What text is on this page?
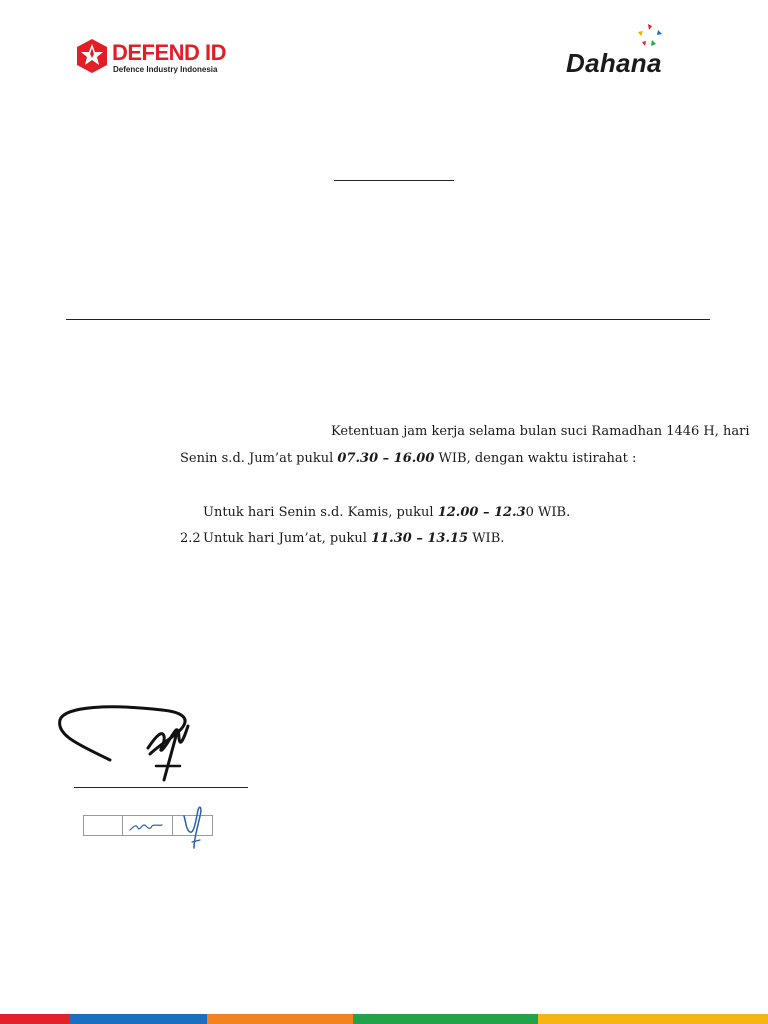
DEFEND ID
Defence Industry Indonesia	Dahana
Ketentuan jam kerja selama bulan suci Ramadhan 1446 H, hari
Senin s.d. Jum’at pukul 07.30 – 16.00 WIB, dengan waktu istirahat :
Untuk hari Senin s.d. Kamis, pukul 12.00 – 12.30 WIB.
2.2 Untuk hari Jum’at, pukul 11.30 – 13.15 WIB.
